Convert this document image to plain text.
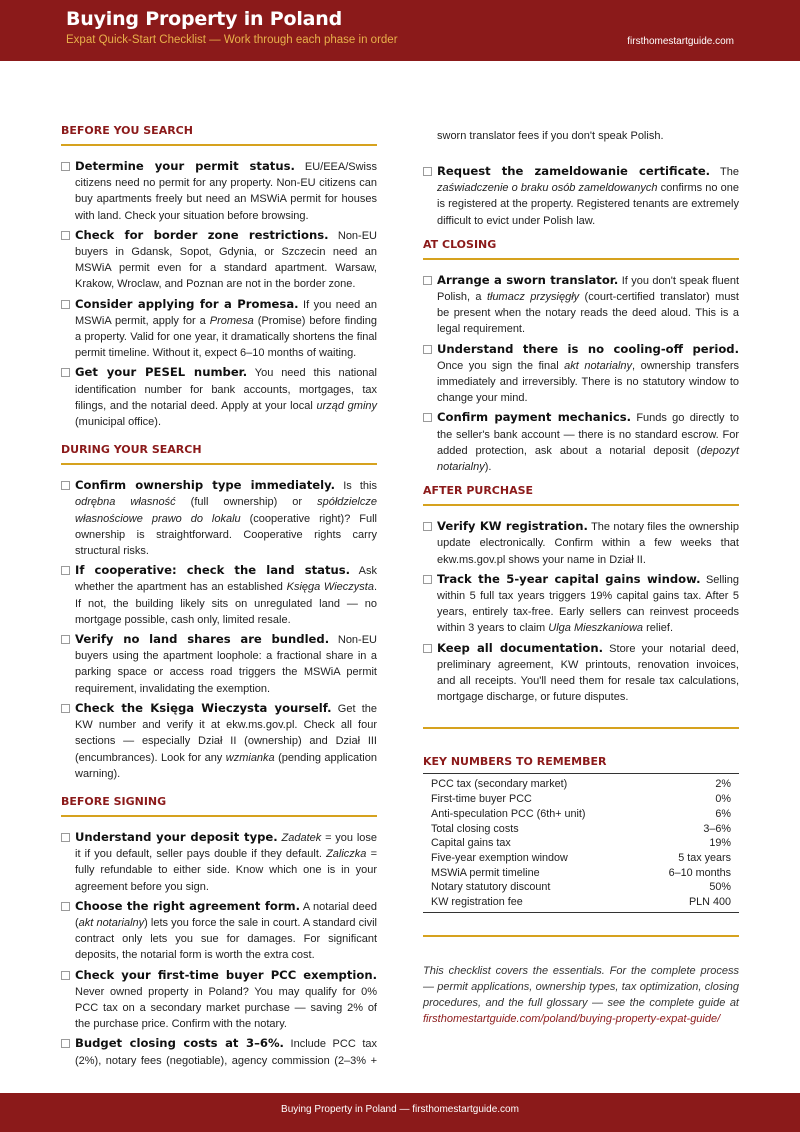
Buying Property in Poland
Expat Quick-Start Checklist — Work through each phase in order	firsthomestartguide.com
BEFORE YOU SEARCH
Determine your permit status. EU/EEA/Swiss citizens need no permit for any property. Non-EU citizens can buy apartments freely but need an MSWiA permit for houses with land. Check your situation before browsing.
Check for border zone restrictions. Non-EU buyers in Gdansk, Sopot, Gdynia, or Szczecin need an MSWiA permit even for a standard apartment. Warsaw, Krakow, Wroclaw, and Poznan are not in the border zone.
Consider applying for a Promesa. If you need an MSWiA permit, apply for a Promesa (Promise) before finding a property. Valid for one year, it dramatically shortens the final permit timeline. Without it, expect 6–10 months of waiting.
Get your PESEL number. You need this national identification number for bank accounts, mortgages, tax filings, and the notarial deed. Apply at your local urząd gminy (municipal office).
DURING YOUR SEARCH
Confirm ownership type immediately. Is this odrębna własność (full ownership) or spółdzielcze własnościowe prawo do lokalu (cooperative right)? Full ownership is straightforward. Cooperative rights carry structural risks.
If cooperative: check the land status. Ask whether the apartment has an established Księga Wieczysta. If not, the building likely sits on unregulated land — no mortgage possible, cash only, limited resale.
Verify no land shares are bundled. Non-EU buyers using the apartment loophole: a fractional share in a parking space or access road triggers the MSWiA permit requirement, invalidating the exemption.
Check the Księga Wieczysta yourself. Get the KW number and verify it at ekw.ms.gov.pl. Check all four sections — especially Dział II (ownership) and Dział III (encumbrances). Look for any wzmianka (pending application warning).
BEFORE SIGNING
Understand your deposit type. Zadatek = you lose it if you default, seller pays double if they default. Zaliczka = fully refundable to either side. Know which one is in your agreement before you sign.
Choose the right agreement form. A notarial deed (akt notarialny) lets you force the sale in court. A standard civil contract only lets you sue for damages. For significant deposits, the notarial form is worth the extra cost.
Check your first-time buyer PCC exemption. Never owned property in Poland? You may qualify for 0% PCC tax on a secondary market purchase — saving 2% of the purchase price. Confirm with the notary.
Budget closing costs at 3–6%. Include PCC tax (2%), notary fees (negotiable), agency commission (2–3% +
sworn translator fees if you don't speak Polish.
Request the zameldowanie certificate. The zaświadczenie o braku osób zameldowanych confirms no one is registered at the property. Registered tenants are extremely difficult to evict under Polish law.
AT CLOSING
Arrange a sworn translator. If you don't speak fluent Polish, a tłumacz przysięgły (court-certified translator) must be present when the notary reads the deed aloud. This is a legal requirement.
Understand there is no cooling-off period. Once you sign the final akt notarialny, ownership transfers immediately and irreversibly. There is no statutory window to change your mind.
Confirm payment mechanics. Funds go directly to the seller's bank account — there is no standard escrow. For added protection, ask about a notarial deposit (depozyt notarialny).
AFTER PURCHASE
Verify KW registration. The notary files the ownership update electronically. Confirm within a few weeks that ekw.ms.gov.pl shows your name in Dział II.
Track the 5-year capital gains window. Selling within 5 full tax years triggers 19% capital gains tax. After 5 years, entirely tax-free. Early sellers can reinvest proceeds within 3 years to claim Ulga Mieszkaniowa relief.
Keep all documentation. Store your notarial deed, preliminary agreement, KW printouts, renovation invoices, and all receipts. You'll need them for resale tax calculations, mortgage discharge, or future disputes.
KEY NUMBERS TO REMEMBER
PCC tax (secondary market)	2%
First-time buyer PCC	0%
Anti-speculation PCC (6th+ unit)	6%
Total closing costs	3–6%
Capital gains tax	19%
Five-year exemption window	5 tax years
MSWiA permit timeline	6–10 months
Notary statutory discount	50%
KW registration fee	PLN 400

This checklist covers the essentials. For the complete process — permit applications, ownership types, tax optimization, closing procedures, and the full glossary — see the complete guide at firsthomestartguide.com/poland/buying-property-expat-guide/

Buying Property in Poland — firsthomestartguide.com
